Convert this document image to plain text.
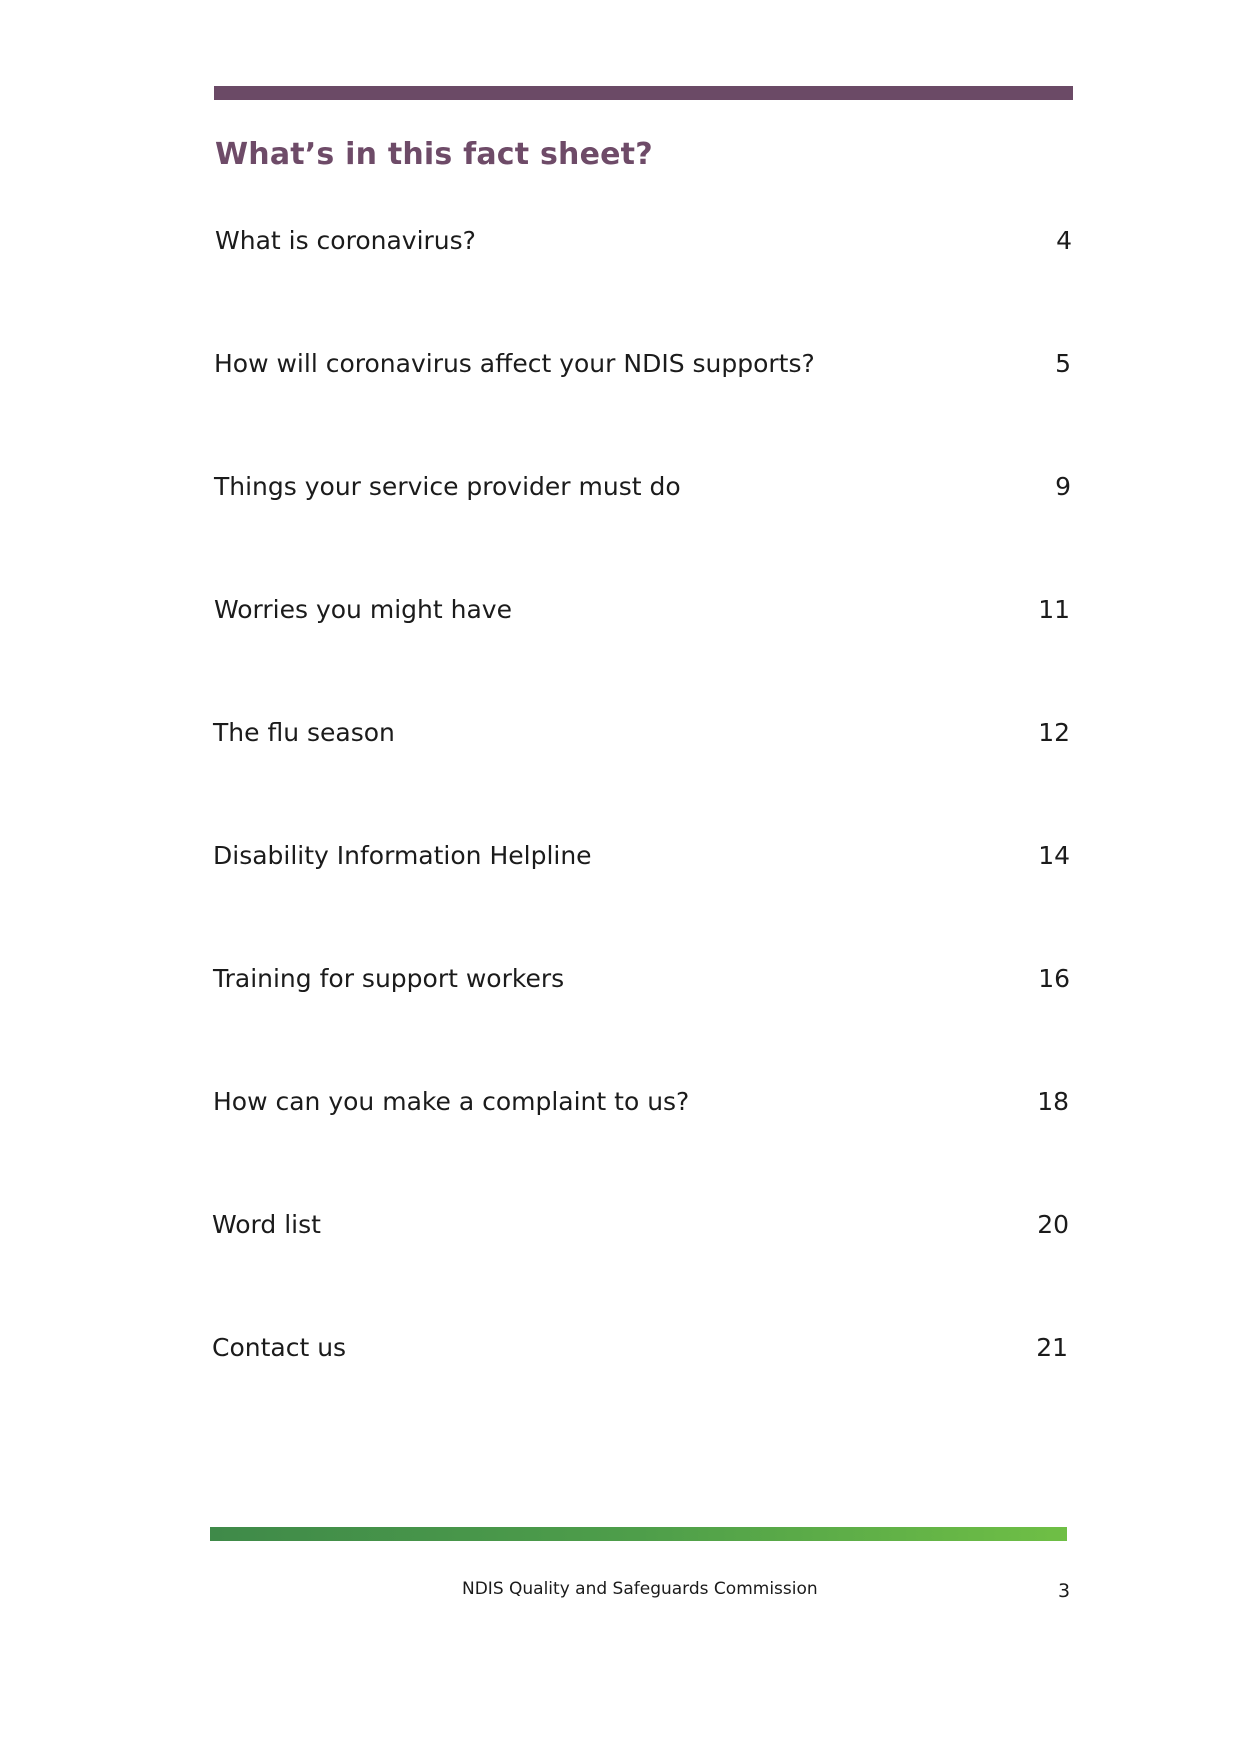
What’s in this fact sheet?
What is coronavirus?	4
How will coronavirus affect your NDIS supports?	5
Things your service provider must do	9
Worries you might have	11
The flu season	12
Disability Information Helpline	14
Training for support workers	16
How can you make a complaint to us?	18
Word list	20
Contact us	21
NDIS Quality and Safeguards Commission	3
